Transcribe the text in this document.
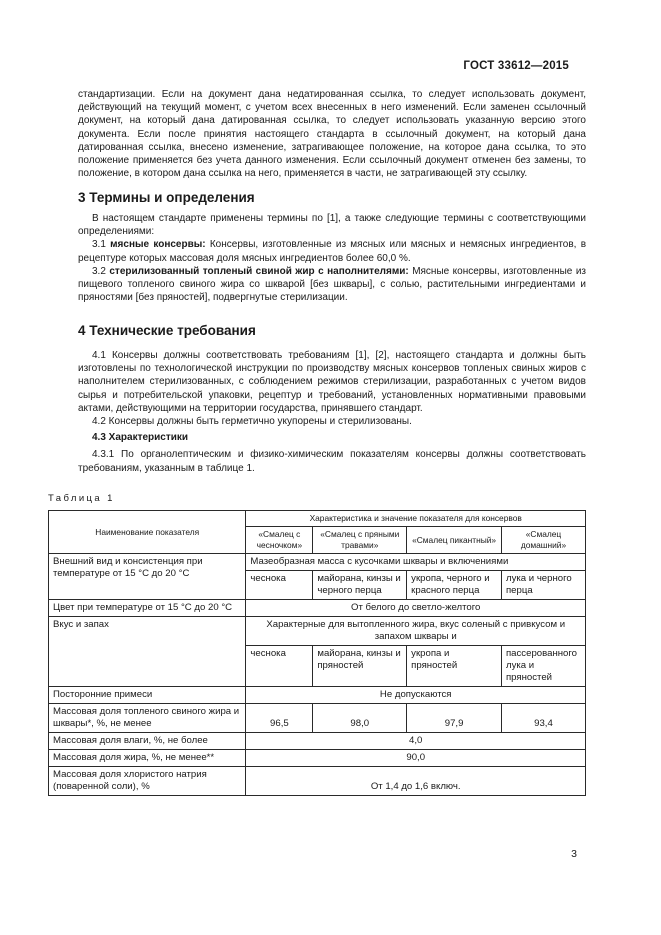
ГОСТ 33612—2015

стандартизации. Если на документ дана недатированная ссылка, то следует использовать документ, действующий на текущий момент, с учетом всех внесенных в него изменений. Если заменен ссылочный документ, на который дана датированная ссылка, то следует использовать указанную версию этого документа. Если после принятия настоящего стандарта в ссылочный документ, на который дана датированная ссылка, внесено изменение, затрагивающее положение, на которое дана ссылка, то это положение применяется без учета данного изменения. Если ссылочный документ отменен без замены, то положение, в котором дана ссылка на него, применяется в части, не затрагивающей эту ссылку.

3 Термины и определения

В настоящем стандарте применены термины по [1], а также следующие термины с соответствующими определениями:

3.1 мясные консервы: Консервы, изготовленные из мясных или мясных и немясных ингредиентов, в рецептуре которых массовая доля мясных ингредиентов более 60,0 %.

3.2 стерилизованный топленый свиной жир с наполнителями: Мясные консервы, изготовленные из пищевого топленого свиного жира со шкварой [без шквары], с солью, растительными ингредиентами и пряностями [без пряностей], подвергнутые стерилизации.

4 Технические требования

4.1 Консервы должны соответствовать требованиям [1], [2], настоящего стандарта и должны быть изготовлены по технологической инструкции по производству мясных консервов топленых свиных жиров с наполнителем стерилизованных, с соблюдением режимов стерилизации, разработанных с учетом видов сырья и потребительской упаковки, рецептур и требований, установленных нормативными правовыми актами, действующими на территории государства, принявшего стандарт.

4.2 Консервы должны быть герметично укупорены и стерилизованы.

4.3 Характеристики

4.3.1 По органолептическим и физико-химическим показателям консервы должны соответствовать требованиям, указанным в таблице 1.

Таблица 1
Наименование показателя	Характеристика и значение показателя для консервов			
	«Смалец с чесночком»	«Смалец с пряными травами»	«Смалец пикантный»	«Смалец домашний»
Внешний вид и консистенция при температуре от 15 °С до 20 °С	Мазеобразная масса с кусочками шквары и включениями			
	чеснока	майорана, кинзы и черного перца	укропа, черного и красного перца	лука и черного перца
Цвет при температуре от 15 °С до 20 °С	От белого до светло-желтого			
Вкус и запах	Характерные для вытопленного жира, вкус соленый с привкусом и запахом шквары и			
	чеснока	майорана, кинзы и пряностей	укропа и пряностей	пассерованного лука и пряностей
Посторонние примеси	Не допускаются			
Массовая доля топленого свиного жира и шквары*, %, не менее	96,5	98,0	97,9	93,4
Массовая доля влаги, %, не более	4,0			
Массовая доля жира, %, не менее**	90,0			
Массовая доля хлористого натрия (поваренной соли), %	От 1,4 до 1,6 включ.			
3
